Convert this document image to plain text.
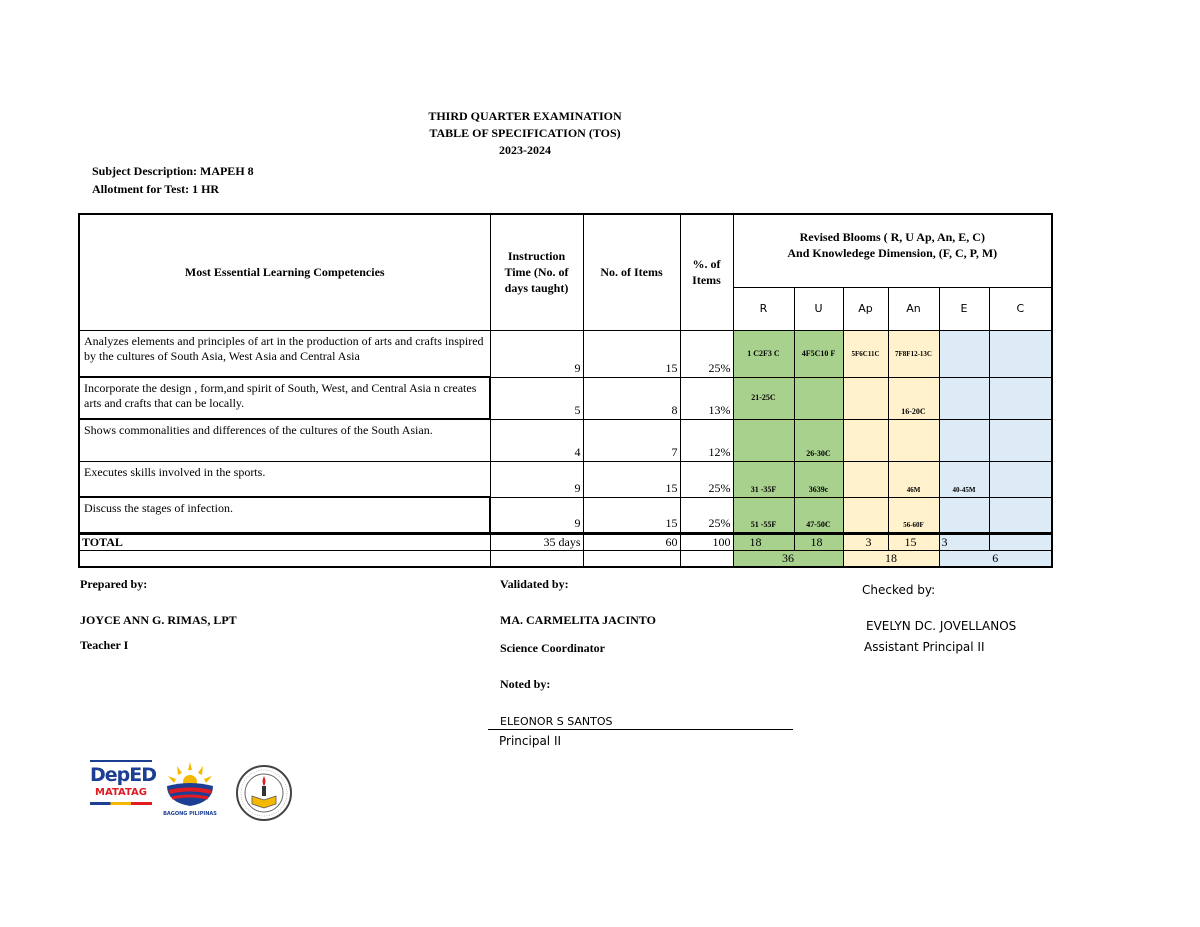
THIRD QUARTER EXAMINATION
TABLE OF SPECIFICATION (TOS)
2023-2024
Subject Description: MAPEH 8
Allotment for Test: 1 HR
Most Essential Learning Competencies	Instruction Time (No. of days taught)	No. of Items	%. of Items	Revised Blooms ( R, U Ap, An, E, C)
And Knowledege Dimension, (F, C, P, M)					

				R	U	Ap	An	E	C
Analyzes elements and principles of art in the production of arts and crafts inspired by the cultures of South Asia, West Asia and Central Asia	9	15	25%	1 C2F3 C	4F5C10 F	5F6C11C	7F8F12-13C		
Incorporate the design , form,and spirit of South, West, and Central Asia n creates arts and crafts that can be locally.	5	8	13%	21-25C			16-20C		
Shows commonalities and differences of the cultures of the South Asian.	4	7	12%		26-30C				
Executes skills involved in the sports.	9	15	25%	31 -35F	3639c		46M	40-45M	
Discuss the stages of infection.	9	15	25%	51 -55F	47-50C		56-60F		
TOTAL	35 days	60	100	18	18	3	15	3	
				36		18		6	
Prepared by:
JOYCE ANN G. RIMAS, LPT
Teacher I
Validated by:
MA. CARMELITA JACINTO
Science Coordinator
Checked by:
EVELYN DC. JOVELLANOS
Assistant Principal II
Noted by:
ELEONOR S SANTOS
Principal II
DepED
MATATAG
BAGONG PILIPINAS
